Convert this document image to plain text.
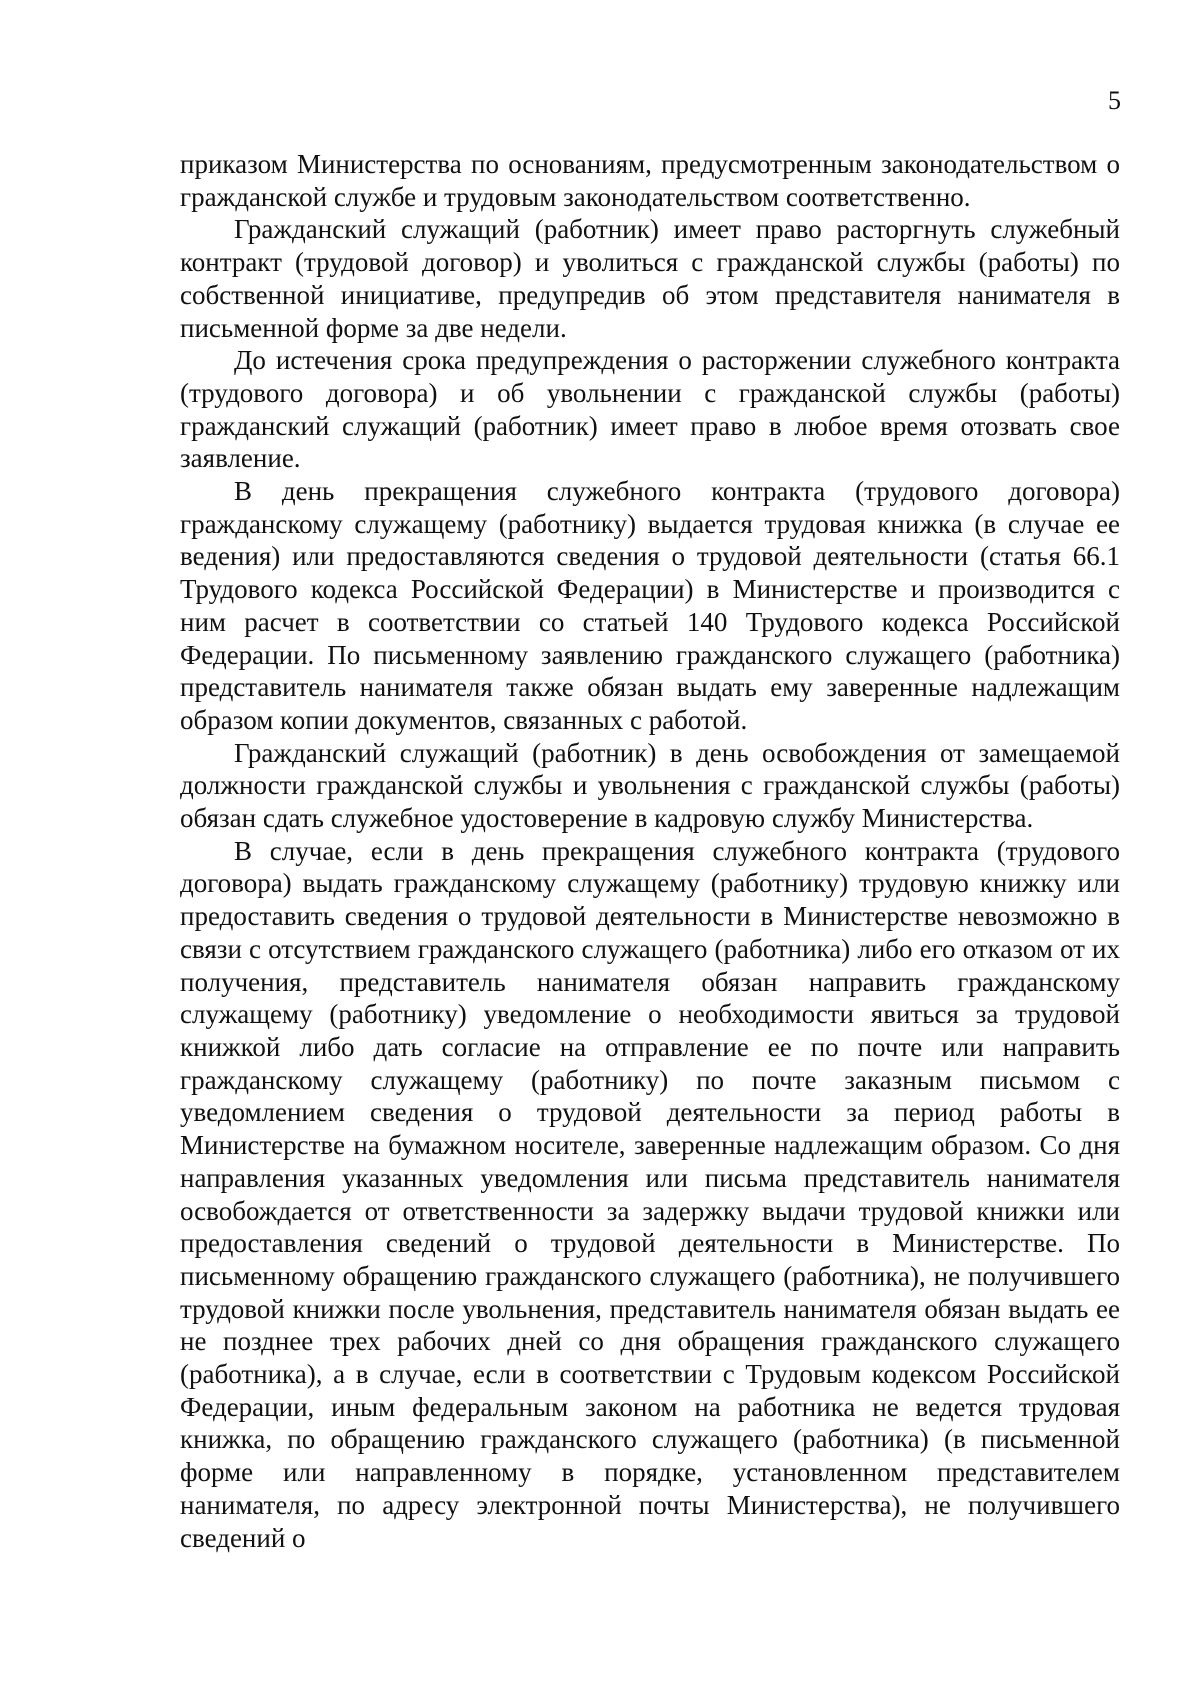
5

приказом Министерства по основаниям, предусмотренным законодательством о гражданской службе и трудовым законодательством соответственно.

Гражданский служащий (работник) имеет право расторгнуть служебный контракт (трудовой договор) и уволиться с гражданской службы (работы) по собственной инициативе, предупредив об этом представителя нанимателя в письменной форме за две недели.

До истечения срока предупреждения о расторжении служебного контракта (трудового договора) и об увольнении с гражданской службы (работы) гражданский служащий (работник) имеет право в любое время отозвать свое заявление.

В день прекращения служебного контракта (трудового договора) гражданскому служащему (работнику) выдается трудовая книжка (в случае ее ведения) или предоставляются сведения о трудовой деятельности (статья 66.1 Трудового кодекса Российской Федерации) в Министерстве и производится с ним расчет в соответствии со статьей 140 Трудового кодекса Российской Федерации. По письменному заявлению гражданского служащего (работника) представитель нанимателя также обязан выдать ему заверенные надлежащим образом копии документов, связанных с работой.

Гражданский служащий (работник) в день освобождения от замещаемой должности гражданской службы и увольнения с гражданской службы (работы) обязан сдать служебное удостоверение в кадровую службу Министерства.

В случае, если в день прекращения служебного контракта (трудового договора) выдать гражданскому служащему (работнику) трудовую книжку или предоставить сведения о трудовой деятельности в Министерстве невозможно в связи с отсутствием гражданского служащего (работника) либо его отказом от их получения, представитель нанимателя обязан направить гражданскому служащему (работнику) уведомление о необходимости явиться за трудовой книжкой либо дать согласие на отправление ее по почте или направить гражданскому служащему (работнику) по почте заказным письмом с уведомлением сведения о трудовой деятельности за период работы в Министерстве на бумажном носителе, заверенные надлежащим образом. Со дня направления указанных уведомления или письма представитель нанимателя освобождается от ответственности за задержку выдачи трудовой книжки или предоставления сведений о трудовой деятельности в Министерстве. По письменному обращению гражданского служащего (работника), не получившего трудовой книжки после увольнения, представитель нанимателя обязан выдать ее не позднее трех рабочих дней со дня обращения гражданского служащего (работника), а в случае, если в соответствии с Трудовым кодексом Российской Федерации, иным федеральным законом на работника не ведется трудовая книжка, по обращению гражданского служащего (работника) (в письменной форме или направленному в порядке, установленном представителем нанимателя, по адресу электронной почты Министерства), не получившего сведений о
